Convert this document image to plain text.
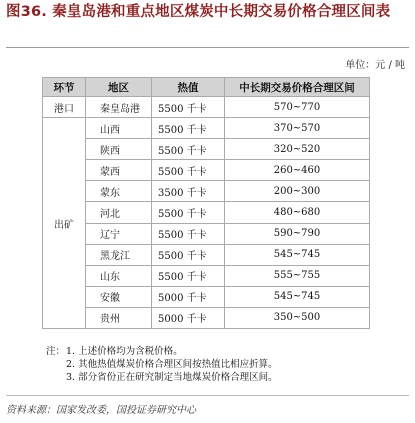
图36. 秦皇岛港和重点地区煤炭中长期交易价格合理区间表
单位：元 / 吨
环节	地区	热值	中长期交易价格合理区间
港口	秦皇岛港	5500 千卡	570~770
出矿	山西	5500 千卡	370~570
	陕西	5500 千卡	320~520
	蒙西	5500 千卡	260~460
	蒙东	3500 千卡	200~300
	河北	5500 千卡	480~680
	辽宁	5500 千卡	590~790
	黑龙江	5500 千卡	545~745
	山东	5500 千卡	555~755
	安徽	5000 千卡	545~745
	贵州	5000 千卡	350~500
注：1. 上述价格均为含税价格。
2. 其他热值煤炭价格合理区间按热值比相应折算。
3. 部分省份正在研究制定当地煤炭价格合理区间。
资料来源：国家发改委，国投证券研究中心
